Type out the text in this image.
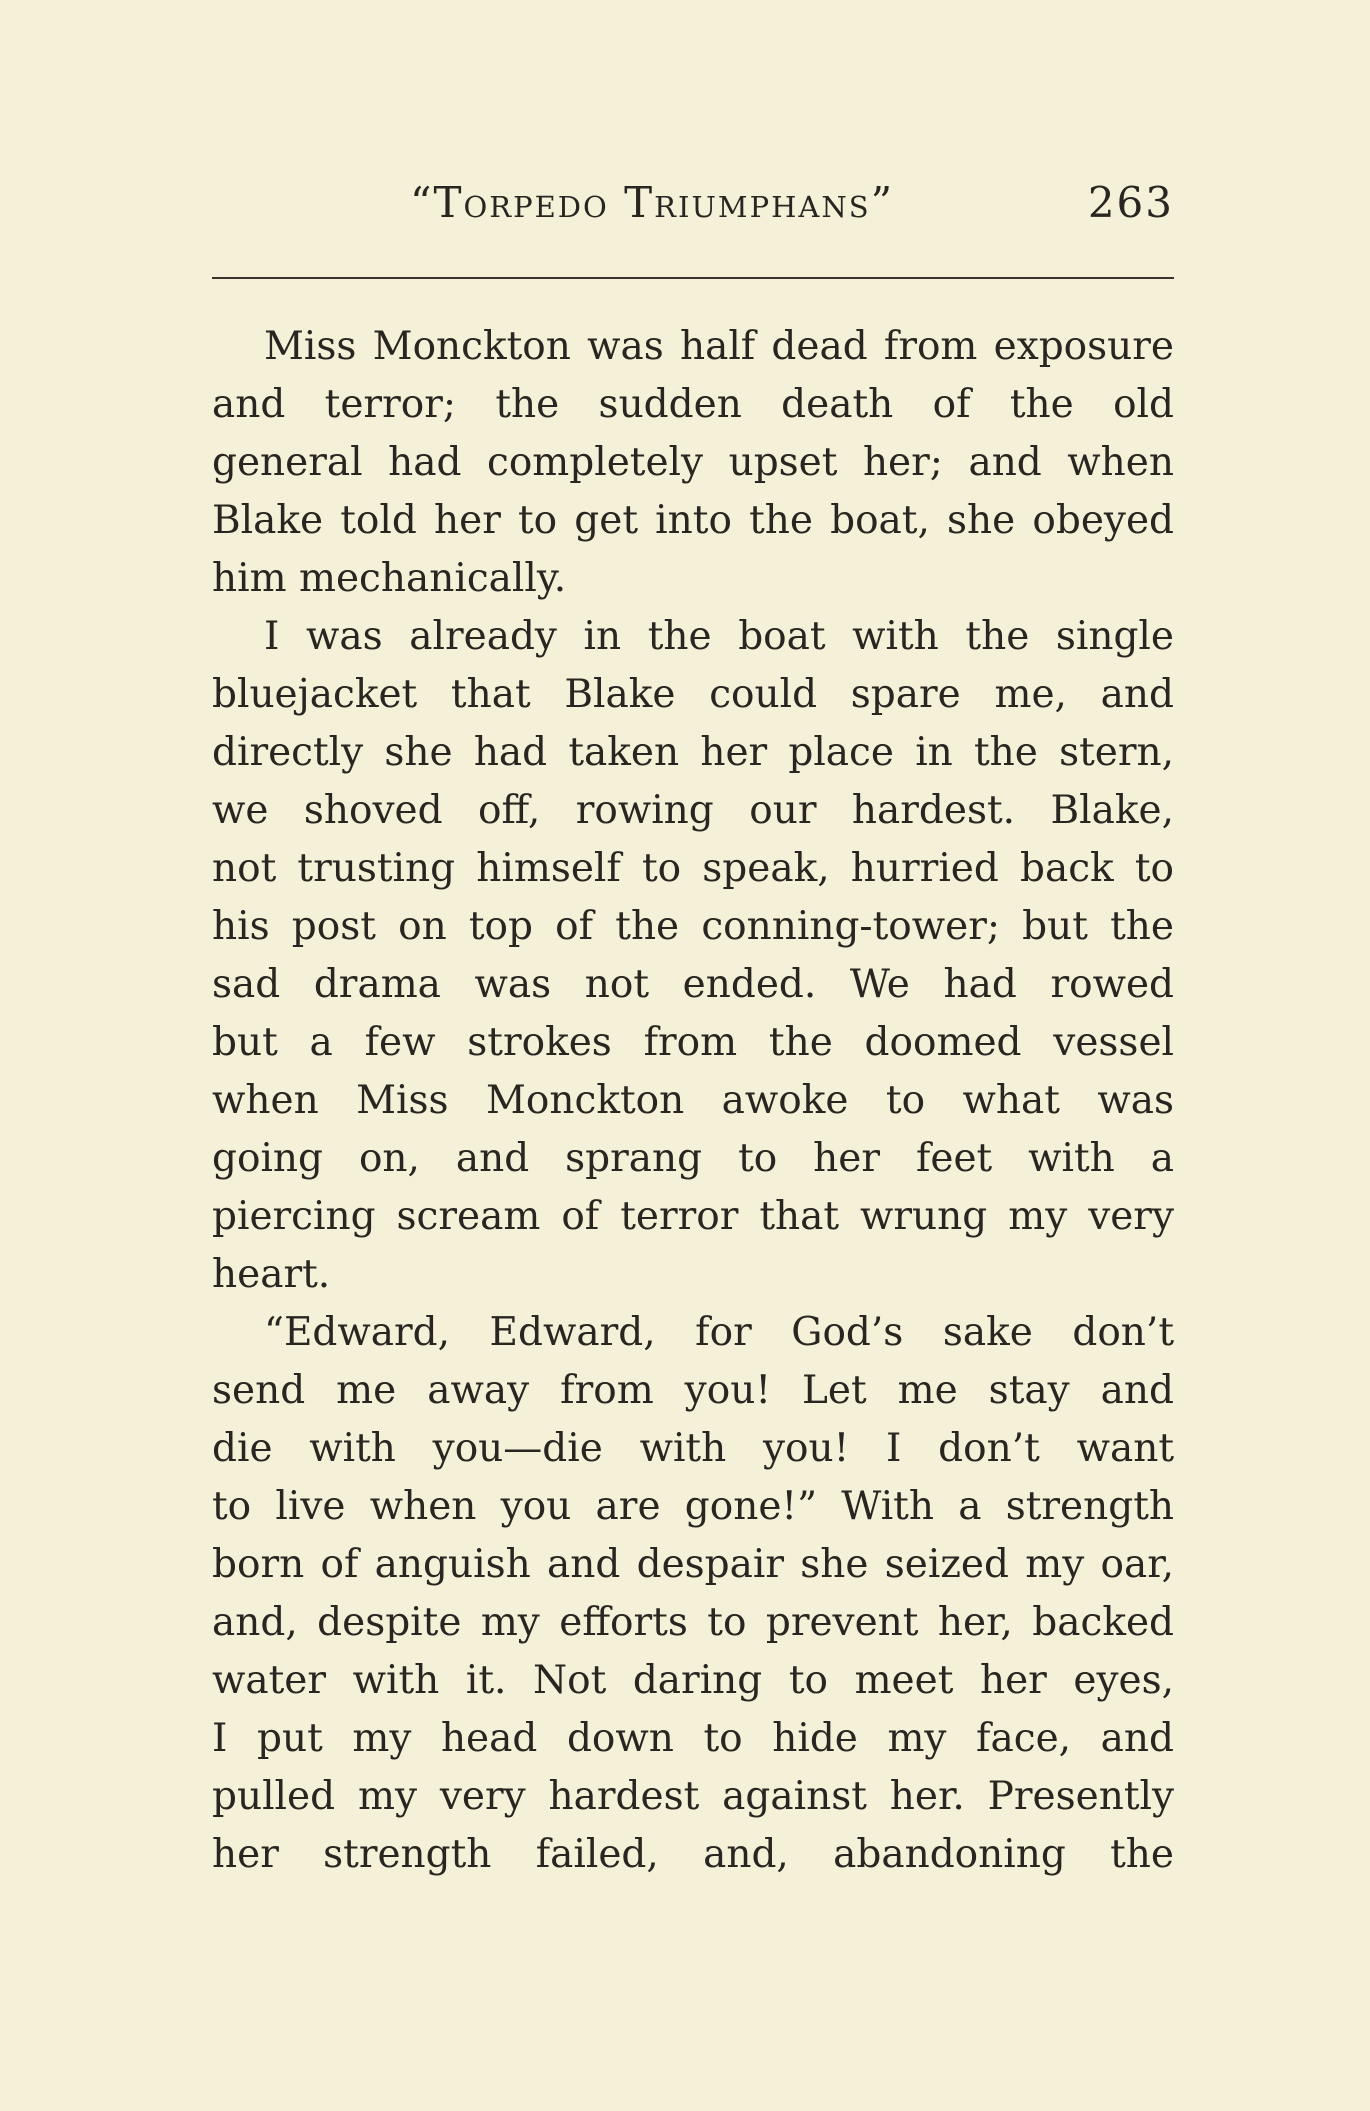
“Torpedo Triumphans”	263
Miss Monckton was half dead from exposure
and terror; the sudden death of the old
general had completely upset her; and when
Blake told her to get into the boat, she obeyed
him mechanically.
I was already in the boat with the single
bluejacket that Blake could spare me, and
directly she had taken her place in the stern,
we shoved off, rowing our hardest. Blake,
not trusting himself to speak, hurried back to
his post on top of the conning-tower; but the
sad drama was not ended. We had rowed
but a few strokes from the doomed vessel
when Miss Monckton awoke to what was
going on, and sprang to her feet with a
piercing scream of terror that wrung my very
heart.
“Edward, Edward, for God’s sake don’t
send me away from you! Let me stay and
die with you—die with you! I don’t want
to live when you are gone!” With a strength
born of anguish and despair she seized my oar,
and, despite my efforts to prevent her, backed
water with it. Not daring to meet her eyes,
I put my head down to hide my face, and
pulled my very hardest against her. Presently
her strength failed, and, abandoning the
